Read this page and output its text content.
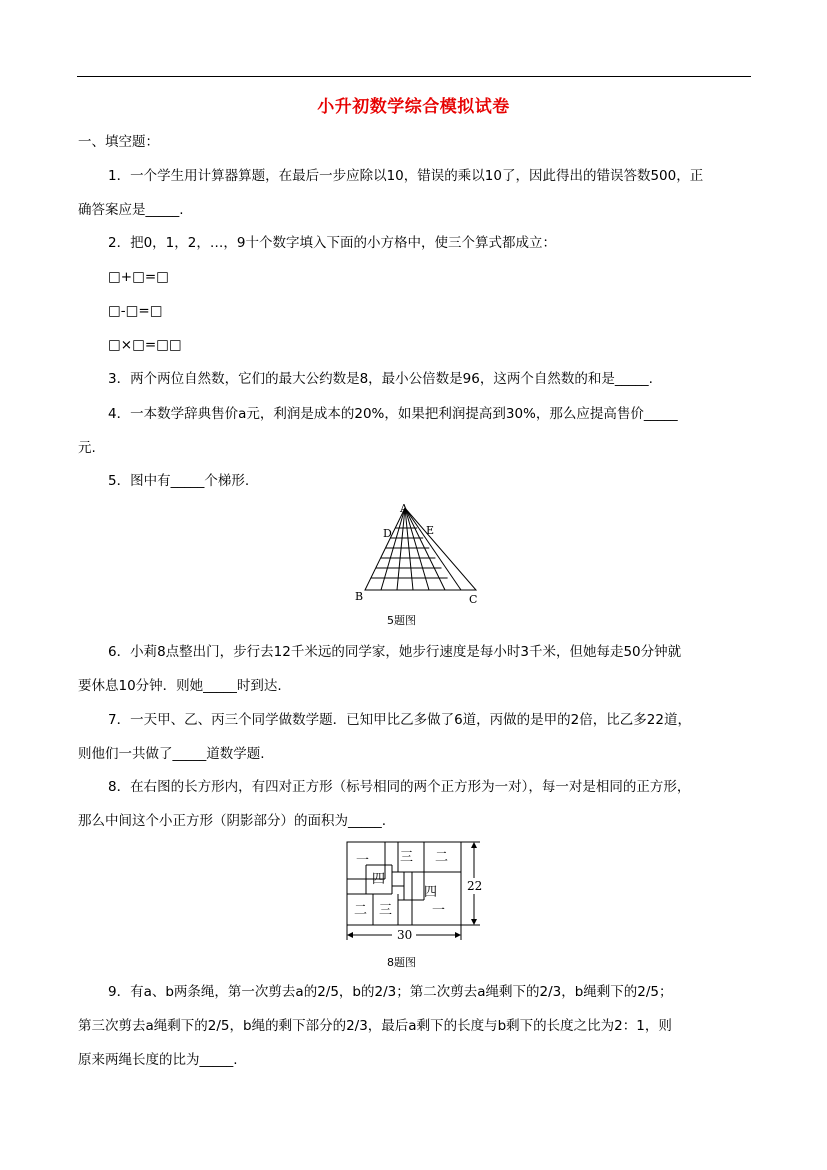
小升初数学综合模拟试卷
一、填空题：
1．一个学生用计算器算题，在最后一步应除以10，错误的乘以10了，因此得出的错误答数500，正
确答案应是_____.
2．把0，1，2，…，9十个数字填入下面的小方格中，使三个算式都成立：
□+□=□
□-□=□
□×□=□□
3．两个两位自然数，它们的最大公约数是8，最小公倍数是96，这两个自然数的和是_____.
4．一本数学辞典售价a元，利润是成本的20%，如果把利润提高到30%，那么应提高售价_____
元.
5．图中有_____个梯形.
A
D	E
B	C
5题图
6．小莉8点整出门，步行去12千米远的同学家，她步行速度是每小时3千米，但她每走50分钟就
要休息10分钟．则她_____时到达.
7．一天甲、乙、丙三个同学做数学题．已知甲比乙多做了6道，丙做的是甲的2倍，比乙多22道，
则他们一共做了_____道数学题.
8．在右图的长方形内，有四对正方形（标号相同的两个正方形为一对），每一对是相同的正方形，
那么中间这个小正方形（阴影部分）的面积为_____.
一 三 二
四
四
二 三	一
22
30
8题图
9．有a、b两条绳，第一次剪去a的2/5，b的2/3；第二次剪去a绳剩下的2/3，b绳剩下的2/5；
第三次剪去a绳剩下的2/5，b绳的剩下部分的2/3，最后a剩下的长度与b剩下的长度之比为2：1，则
原来两绳长度的比为_____.
